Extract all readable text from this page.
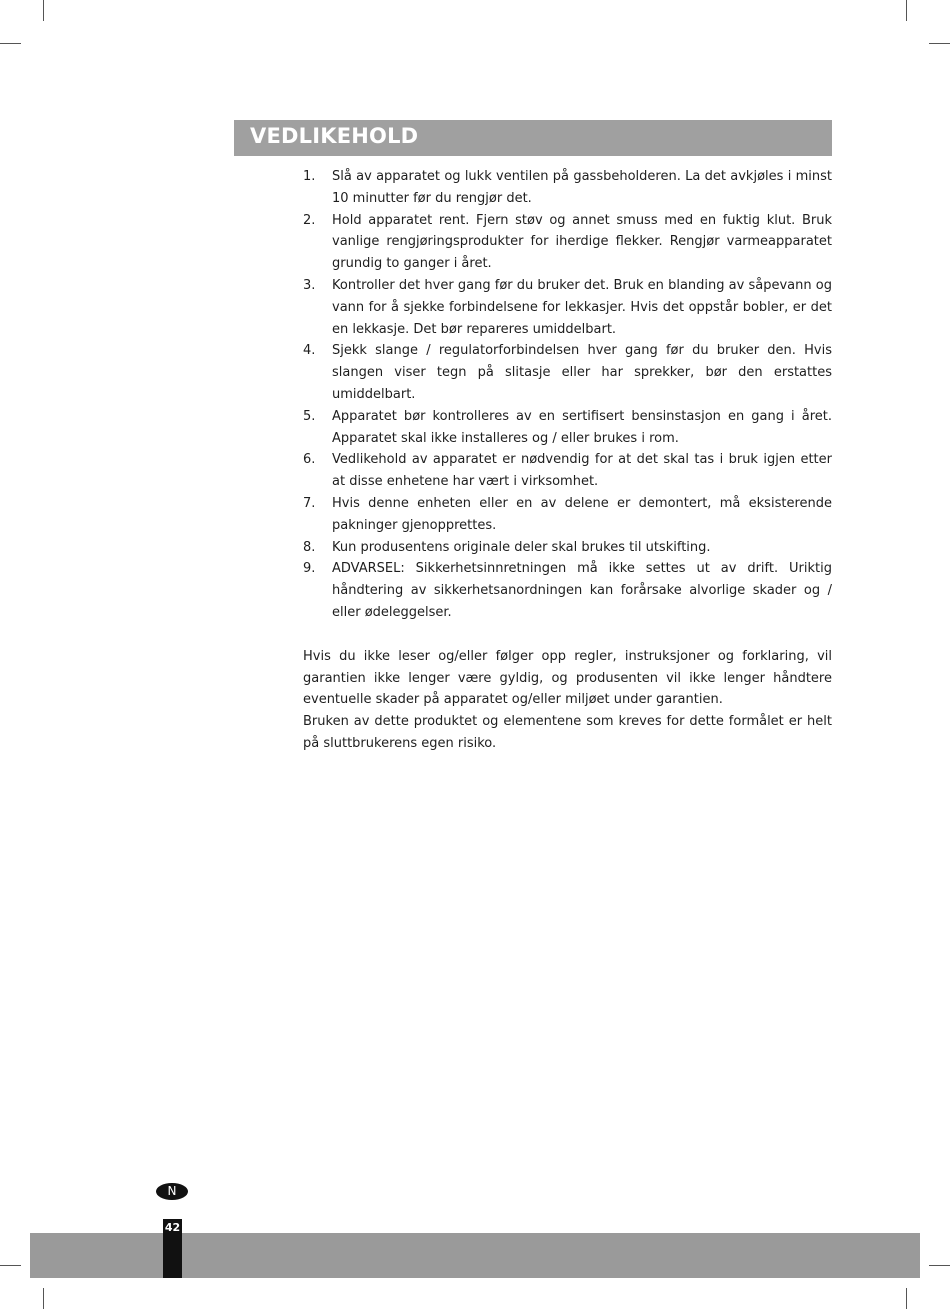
VEDLIKEHOLD
1. Slå av apparatet og lukk ventilen på gassbeholderen. La det avkjøles i minst 10 minutter før du rengjør det.
2. Hold apparatet rent. Fjern støv og annet smuss med en fuktig klut. Bruk vanlige rengjøringsprodukter for iherdige flekker. Rengjør varmeapparatet grundig to ganger i året.
3. Kontroller det hver gang før du bruker det. Bruk en blanding av såpevann og vann for å sjekke forbindelsene for lekkasjer. Hvis det oppstår bobler, er det en lekkasje. Det bør repareres umiddelbart.
4. Sjekk slange / regulatorforbindelsen hver gang før du bruker den. Hvis slangen viser tegn på slitasje eller har sprekker, bør den erstattes umiddelbart.
5. Apparatet bør kontrolleres av en sertifisert bensinstasjon en gang i året. Apparatet skal ikke installeres og / eller brukes i rom.
6. Vedlikehold av apparatet er nødvendig for at det skal tas i bruk igjen etter at disse enhetene har vært i virksomhet.
7. Hvis denne enheten eller en av delene er demontert, må eksisterende pakninger gjenopprettes.
8. Kun produsentens originale deler skal brukes til utskifting.
9. ADVARSEL: Sikkerhetsinnretningen må ikke settes ut av drift. Uriktig håndtering av sikkerhetsanordningen kan forårsake alvorlige skader og / eller ødeleggelser.

Hvis du ikke leser og/eller følger opp regler, instruksjoner og forklaring, vil garantien ikke lenger være gyldig, og produsenten vil ikke lenger håndtere eventuelle skader på apparatet og/eller miljøet under garantien.

Bruken av dette produktet og elementene som kreves for dette formålet er helt på sluttbrukerens egen risiko.

N
42
